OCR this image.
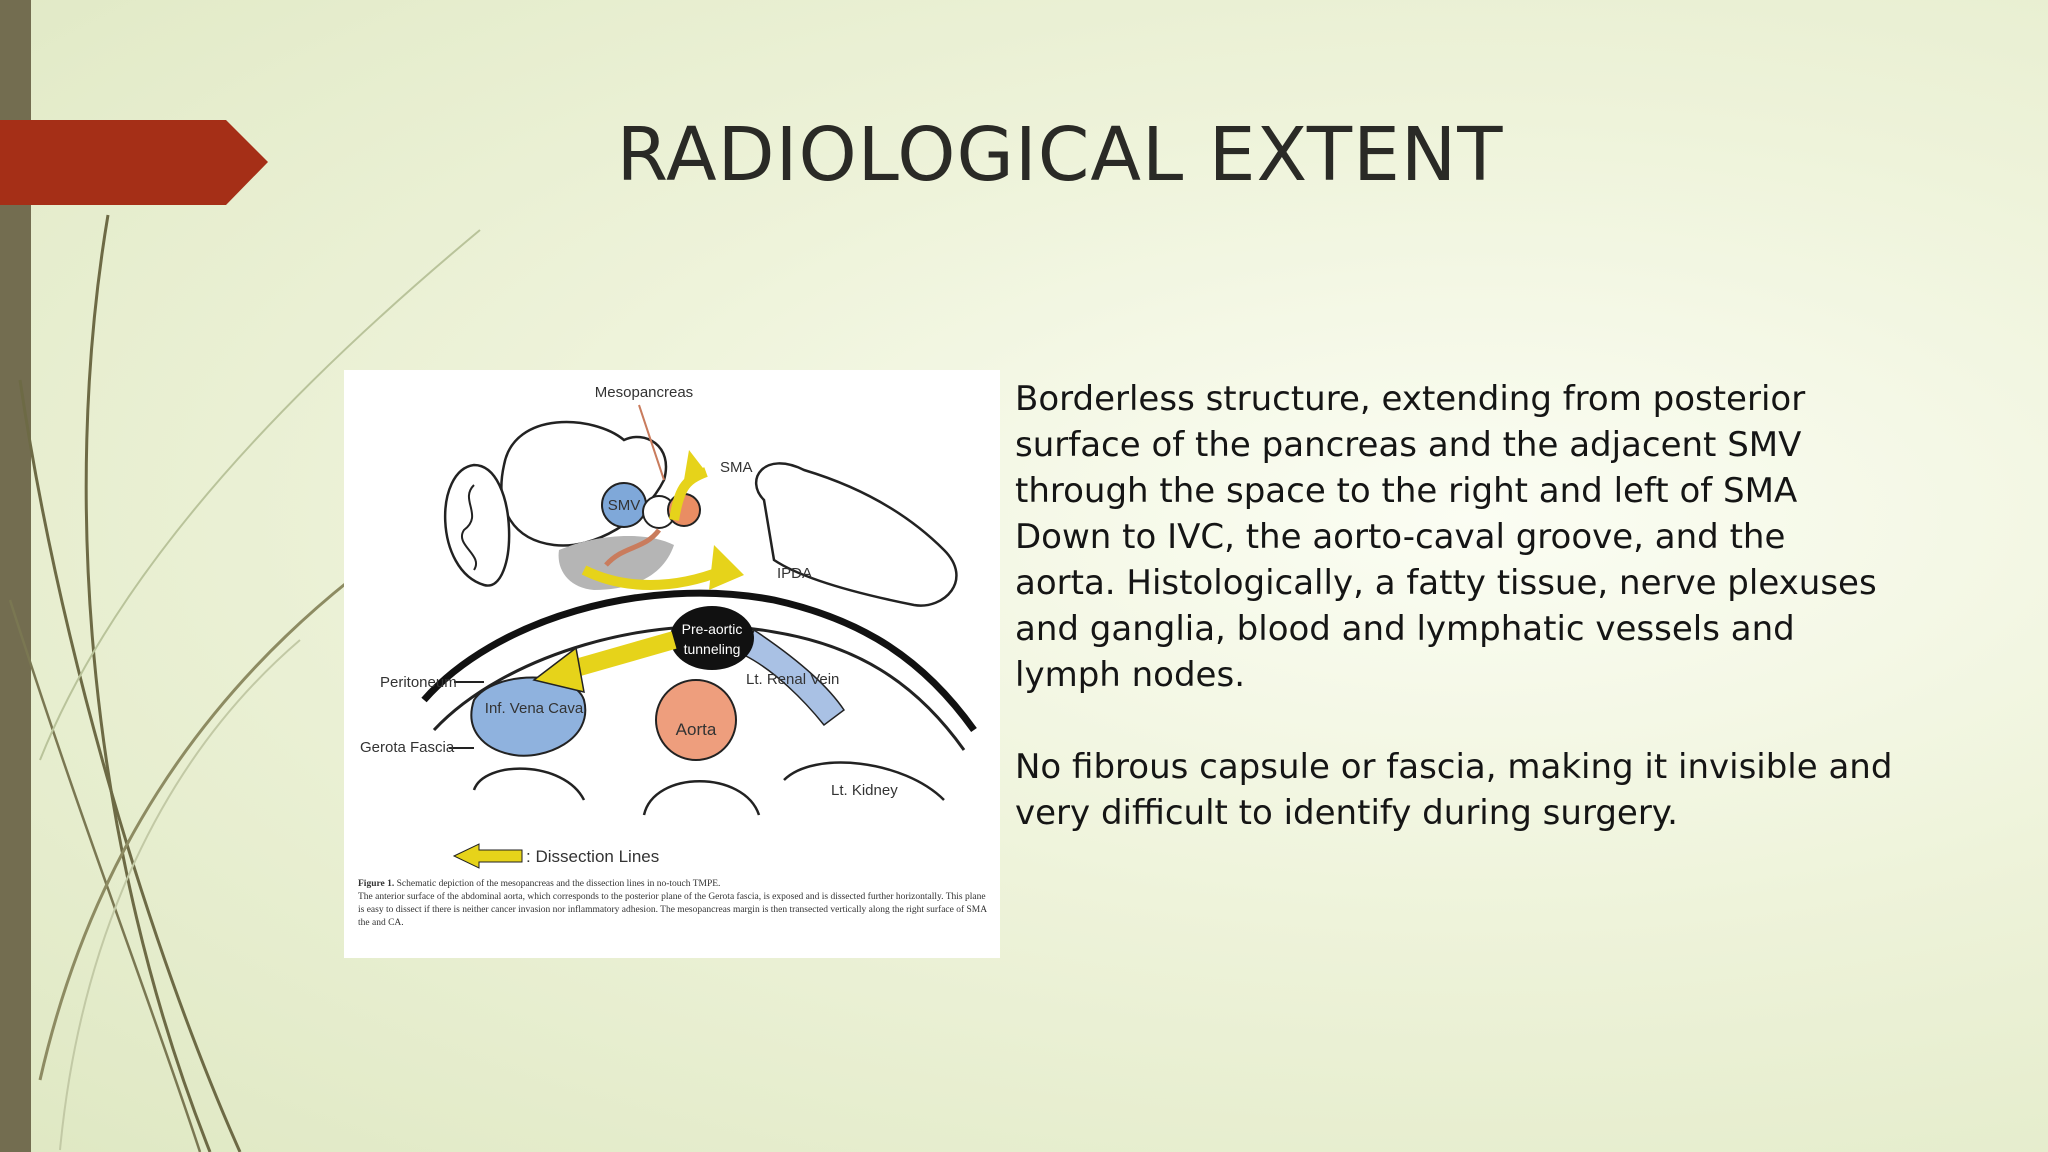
RADIOLOGICAL EXTENT
Mesopancreas
SMA
SMV
IPDA
Pre-aortic
tunneling
Lt. Renal Vein
Peritoneum
Inf. Vena Cava
Aorta
Gerota Fascia
Lt. Kidney
: Dissection Lines
Figure 1. Schematic depiction of the mesopancreas and the dissection lines in no-touch TMPE.
The anterior surface of the abdominal aorta, which corresponds to the posterior plane of the Gerota fascia, is exposed and is dissected further horizontally. This plane is easy to dissect if there is neither cancer invasion nor inflammatory adhesion. The mesopancreas margin is then transected vertically along the right surface of SMA the and CA.

Borderless structure, extending from posterior surface of the pancreas and the adjacent SMV through the space to the right and left of SMA Down to IVC, the aorto-caval groove, and the aorta. Histologically, a fatty tissue, nerve plexuses and ganglia, blood and lymphatic vessels and lymph nodes.

No fibrous capsule or fascia, making it invisible and very difficult to identify during surgery.
